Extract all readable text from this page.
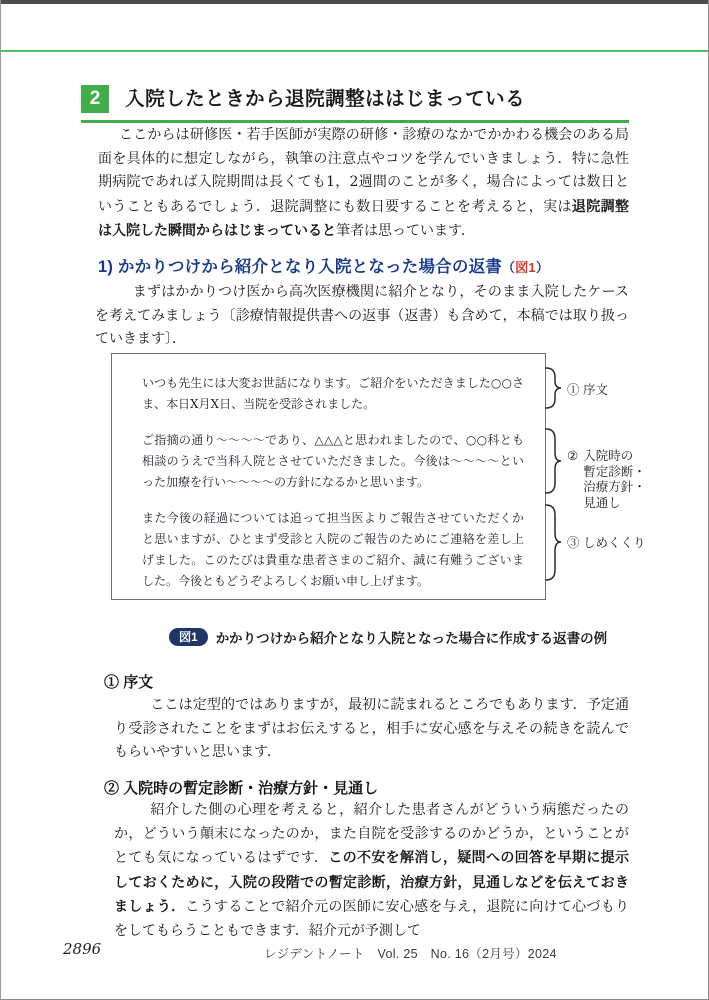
2 入院したときから退院調整ははじまっている

ここからは研修医・若手医師が実際の研修・診療のなかでかかわる機会のある局面を具体的に想定しながら，執筆の注意点やコツを学んでいきましょう．特に急性期病院であれば入院期間は長くても1，2週間のことが多く，場合によっては数日ということもあるでしょう．退院調整にも数日要することを考えると，実は退院調整は入院した瞬間からはじまっていると筆者は思っています．

1) かかりつけから紹介となり入院となった場合の返書（図1）

まずはかかりつけ医から高次医療機関に紹介となり，そのまま入院したケースを考えてみましょう〔診療情報提供書への返事（返書）も含めて，本稿では取り扱っていきます〕．

いつも先生には大変お世話になります。ご紹介をいただきました○○さま、本日X月X日、当院を受診されました。

ご指摘の通り～～～～であり、△△△と思われましたので、○○科とも相談のうえで当科入院とさせていただきました。今後は～～～～といった加療を行い～～～～の方針になるかと思います。

また今後の経過については追って担当医よりご報告させていただくかと思いますが、ひとまず受診と入院のご報告のためにご連絡を差し上げました。このたびは貴重な患者さまのご紹介、誠に有難うございました。今後ともどうぞよろしくお願い申し上げます。

① 序文
② 入院時の
暫定診断・
治療方針・
見通し
③ しめくくり
図1	かかりつけから紹介となり入院となった場合に作成する返書の例
① 序文

ここは定型的ではありますが，最初に読まれるところでもあります．予定通り受診されたことをまずはお伝えすると，相手に安心感を与えその続きを読んでもらいやすいと思います．

② 入院時の暫定診断・治療方針・見通し

紹介した側の心理を考えると，紹介した患者さんがどういう病態だったのか，どういう顛末になったのか，また自院を受診するのかどうか，ということがとても気になっているはずです．この不安を解消し，疑問への回答を早期に提示しておくために，入院の段階での暫定診断，治療方針，見通しなどを伝えておきましょう．こうすることで紹介元の医師に安心感を与え，退院に向けて心づもりをしてもらうこともできます．紹介元が予測して

2896	レジデントノート　Vol. 25　No. 16（2月号）2024
